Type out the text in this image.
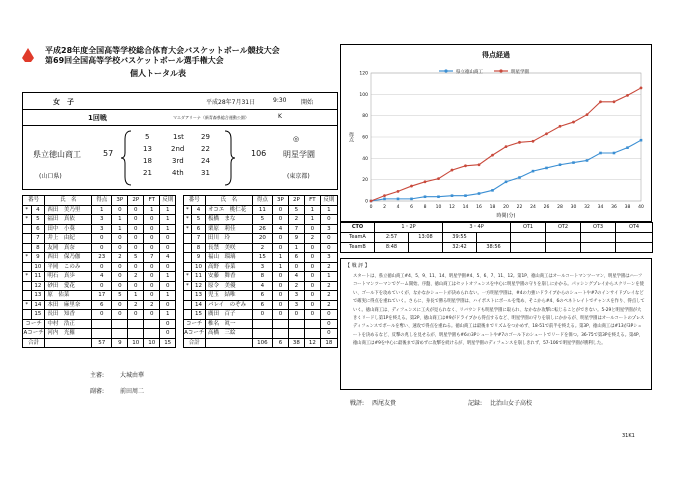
平成28年度全国高等学校総合体育大会バスケットボール競技大会
第69回全国高等学校バスケットボール選手権大会
個人トータル表
女　子	平成28年7月31日	9:30 開始
1回戦	マエダアリーナ（新青森県総合運動公園）	K
県立徳山商工
(山口県)
57	106
◎
明星学園
(東京都)
5	1st 29
13	2nd 22
18	3rd 24
21	4th 31
番号		氏　名	得点	3P	2P	FT	反則		番号		氏　名	得点	3P	2P	FT	反則
*	4	西田　美乃里	1	0	0	1	1		*	4	オコエ　桃仁花	11	0	5	1	1
*	5	福田　真依	3	1	0	0	1		*	5	板橋　まな	5	0	2	1	0
	6	田中　小葵	3	1	0	0	1		*	6	栗原　莉佳	26	4	7	0	3
	7	井上　由紀	0	0	0	0	0			7	田川　玲	20	0	9	2	0
	8	友岡　真奈	0	0	0	0	0			8	長禁　美咲	2	0	1	0	0
*	9	西田　保乃伽	23	2	5	7	4			9	福山　瑠璃	15	1	6	0	3
	10	平岡　このみ	0	0	0	0	0			10	高野　春菜	3	1	0	0	2
*	11	明石　真歩	4	0	2	0	1		*	11	安藤　舞香	8	0	4	0	1
	12	砂田　愛花	0	0	0	0	0		*	12	原令　美優	4	0	2	0	2
	13	原　佑菜	17	5	1	0	1			13	児玉　結唯	6	0	3	0	2
*	14	本田　麻里奈	6	0	2	2	0			14	パレイ　のぞみ	6	0	3	0	2
	15	長田　知香	0	0	0	0	1			15	廣田　百子	0	0	0	0	0
コーチ		中村　浩正					0		コーチ		椎名　眞一					0
Aコーチ		河内　光羅					0		Aコーチ		高橋　三絵					0
合計			57	9	10	10	15		合計			106	6	38	12	18
主審:	大城由華
副審:	前田周二
得点経過
0
20
40
60
80
100
120
0 2 4 6 8 10 12 14 16 18 20 22 24 26 28 30 32 34 36 38 40
得点
時間(分)
県立徳山商工	明星学園
CTO	1・2P		3・4P		OT1	OT2	OT3	OT4
TeamA	2:57	13:08	39:55					
TeamB	8:48		32:42	38:56				
【 戦 評 】
スタートは、県立徳山商工#4、5、9、11、14、明星学園#4、5、6、7、11、12。第1P、徳山商工はオールコートマンツーマン、明星学園はハーフコートマンツーマンでゲーム開始。序盤、徳山商工はセットオフェンスを中心に明星学園の守りを崩しにかかる。パッシングプレイからスクリーンを使い、ゴール下を攻めていくが、なかなかシュートが決められない。一方明星学園は、#4の力強いドライブからのシュートや#7のインサイドプレイなどで確実に得点を重ねていく。さらに、身長で勝る明星学園は、ハイポストにボールを集め、そこから#4、6のペネトレイトでチャンスを作り、得点していく。徳山商工は、ディフェンスに工夫が見られなく、リバウンドも明星学園に取られ、なかなか攻撃に転じることができない。5-29と明星学園が大きくリードし第1Pを終える。第2P、徳山商工は#9がドライブから得点するなど、明星学園の守りを崩しにかかるが、明星学園はオールコートのプレスディフェンスでボールを奪い、速攻で得点を重ねる。徳山商工は最後までリズムをつかめず、18-51で前半を終える。第3P、徳山商工は#13が3Pシュートを決めるなど、反撃の兆しを見せるが、明星学園も#6の3Pシュートや#7のゴール下のシュートでリードを保つ。36-75で第3Pを終える。第4P、徳山商工は#9を中心に最後まで諦めずに攻撃を続けるが、明星学園のディフェンスを崩しきれず、57-106で明星学園が勝利した。
戦評: 西尾友貴	記録: 比治山女子高校
31K1
